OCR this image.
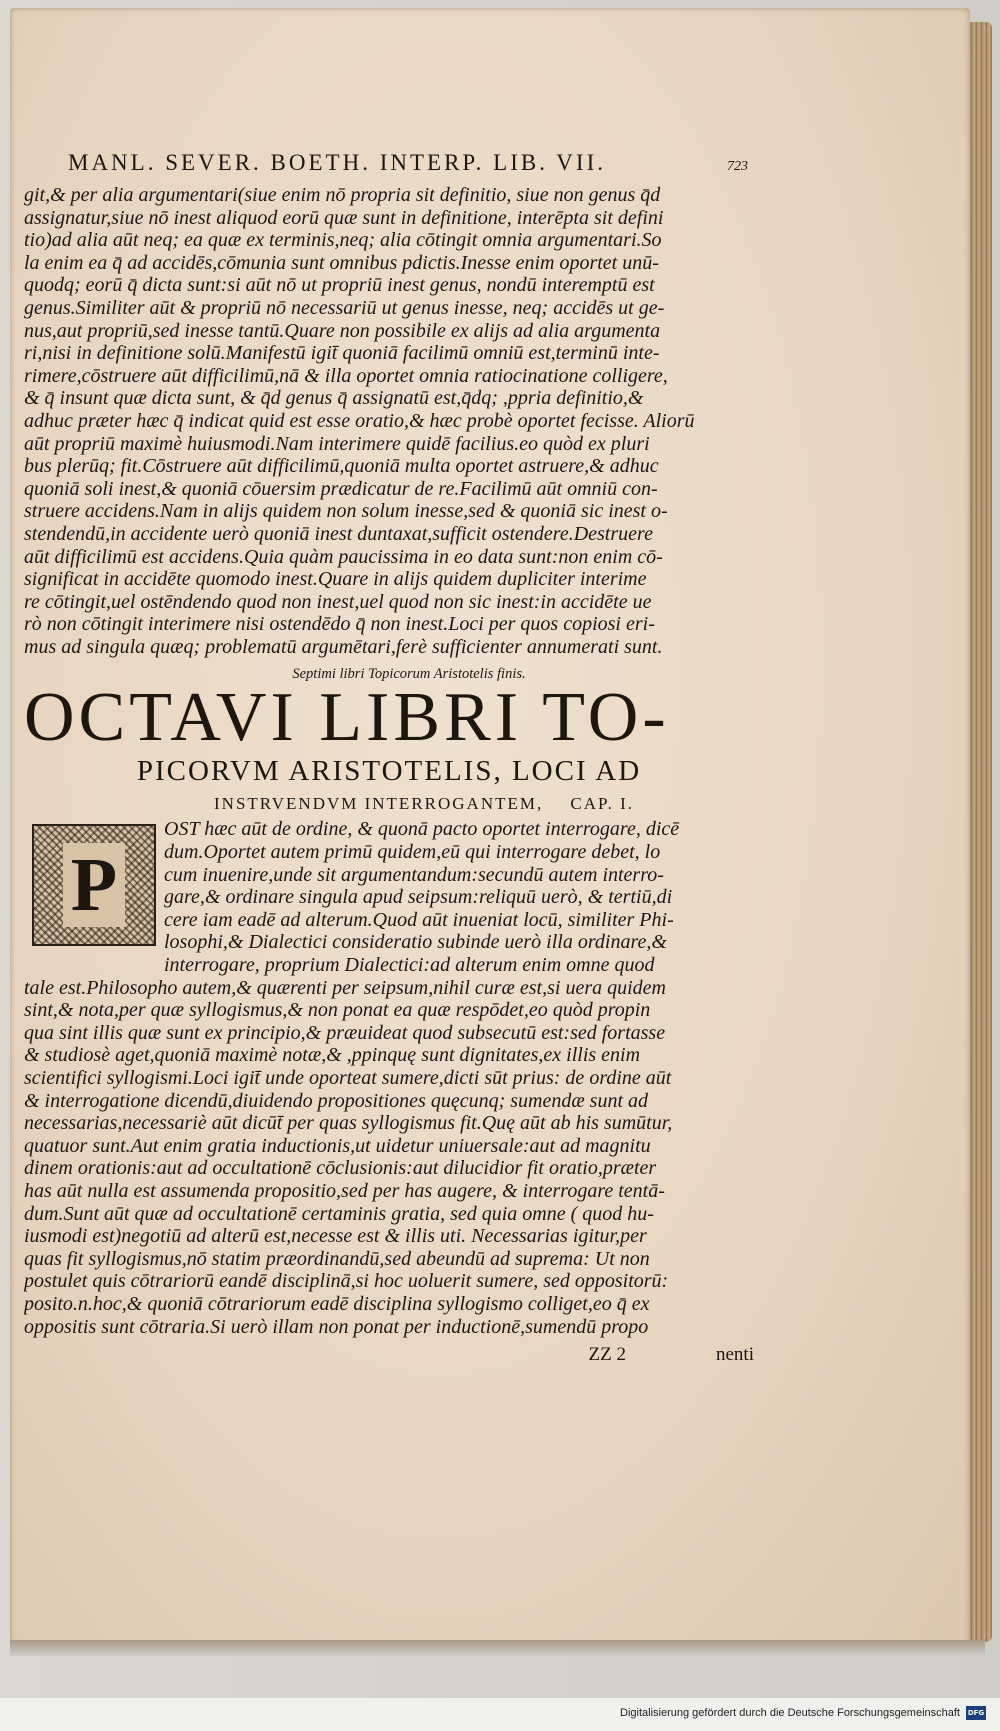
MANL. SEVER. BOETH. INTERP. LIB. VII.	723
git,& per alia argumentari(siue enim nō propria sit definitio, siue non genus q̄d
assignatur,siue nō inest aliquod eorū quæ sunt in definitione, interēpta sit defini
tio)ad alia aūt neq; ea quæ ex terminis,neq; alia cōtingit omnia argumentari.So
la enim ea q̄ ad accidēs,cōmunia sunt omnibus pdictis.Inesse enim oportet unū-
quodq; eorū q̄ dicta sunt:si aūt nō ut propriū inest genus, nondū interemptū est
genus.Similiter aūt & propriū nō necessariū ut genus inesse, neq; accidēs ut ge-
nus,aut propriū,sed inesse tantū.Quare non possibile ex alijs ad alia argumenta
ri,nisi in definitione solū.Manifestū igit̄ quoniā facilimū omniū est,terminū inte-
rimere,cōstruere aūt difficilimū,nā & illa oportet omnia ratiocinatione colligere,
& q̄ insunt quæ dicta sunt, & q̄d genus q̄ assignatū est,q̄dq; ,ppria definitio,&
adhuc præter hæc q̄ indicat quid est esse oratio,& hæc probè oportet fecisse. Aliorū
aūt propriū maximè huiusmodi.Nam interimere quidē facilius.eo quòd ex pluri
bus plerūq; fit.Cōstruere aūt difficilimū,quoniā multa oportet astruere,& adhuc
quoniā soli inest,& quoniā cōuersim prædicatur de re.Facilimū aūt omniū con-
struere accidens.Nam in alijs quidem non solum inesse,sed & quoniā sic inest o-
stendendū,in accidente uerò quoniā inest duntaxat,sufficit ostendere.Destruere
aūt difficilimū est accidens.Quia quàm paucissima in eo data sunt:non enim cō-
significat in accidēte quomodo inest.Quare in alijs quidem dupliciter interime
re cōtingit,uel ostēndendo quod non inest,uel quod non sic inest:in accidēte ue
rò non cōtingit interimere nisi ostendēdo q̄ non inest.Loci per quos copiosi eri-
mus ad singula quæq; problematū argumētari,ferè sufficienter annumerati sunt.
Septimi libri Topicorum Aristotelis finis.
OCTAVI LIBRI TO-
PICORVM ARISTOTELIS, LOCI AD
INSTRVENDVM INTERROGANTEM, CAP. I.
P
OST hæc aūt de ordine, & quonā pacto oportet interrogare, dicē
dum.Oportet autem primū quidem,eū qui interrogare debet, lo
cum inuenire,unde sit argumentandum:secundū autem interro-
gare,& ordinare singula apud seipsum:reliquū uerò, & tertiū,di
cere iam eadē ad alterum.Quod aūt inueniat locū, similiter Phi-
losophi,& Dialectici consideratio subinde uerò illa ordinare,&
interrogare, proprium Dialectici:ad alterum enim omne quod
tale est.Philosopho autem,& quærenti per seipsum,nihil curæ est,si uera quidem
sint,& nota,per quæ syllogismus,& non ponat ea quæ respōdet,eo quòd propin
qua sint illis quæ sunt ex principio,& præuideat quod subsecutū est:sed fortasse
& studiosè aget,quoniā maximè notæ,& ,ppinquę sunt dignitates,ex illis enim
scientifici syllogismi.Loci igit̄ unde oporteat sumere,dicti sūt prius: de ordine aūt
& interrogatione dicendū,diuidendo propositiones quęcunq; sumendæ sunt ad
necessarias,necessariè aūt dicūt̄ per quas syllogismus fit.Quę aūt ab his sumūtur,
quatuor sunt.Aut enim gratia inductionis,ut uidetur uniuersale:aut ad magnitu
dinem orationis:aut ad occultationē cōclusionis:aut dilucidior fit oratio,præter
has aūt nulla est assumenda propositio,sed per has augere, & interrogare tentā-
dum.Sunt aūt quæ ad occultationē certaminis gratia, sed quia omne ( quod hu-
iusmodi est)negotiū ad alterū est,necesse est & illis uti. Necessarias igitur,per
quas fit syllogismus,nō statim præordinandū,sed abeundū ad suprema: Ut non
postulet quis cōtrariorū eandē disciplinā,si hoc uoluerit sumere, sed oppositorū:
posito.n.hoc,& quoniā cōtrariorum eadē disciplina syllogismo colliget,eo q̄ ex
oppositis sunt cōtraria.Si uerò illam non ponat per inductionē,sumendū propo
ZZ 2	nenti
Digitalisierung gefördert durch die Deutsche Forschungsgemeinschaft DFG
